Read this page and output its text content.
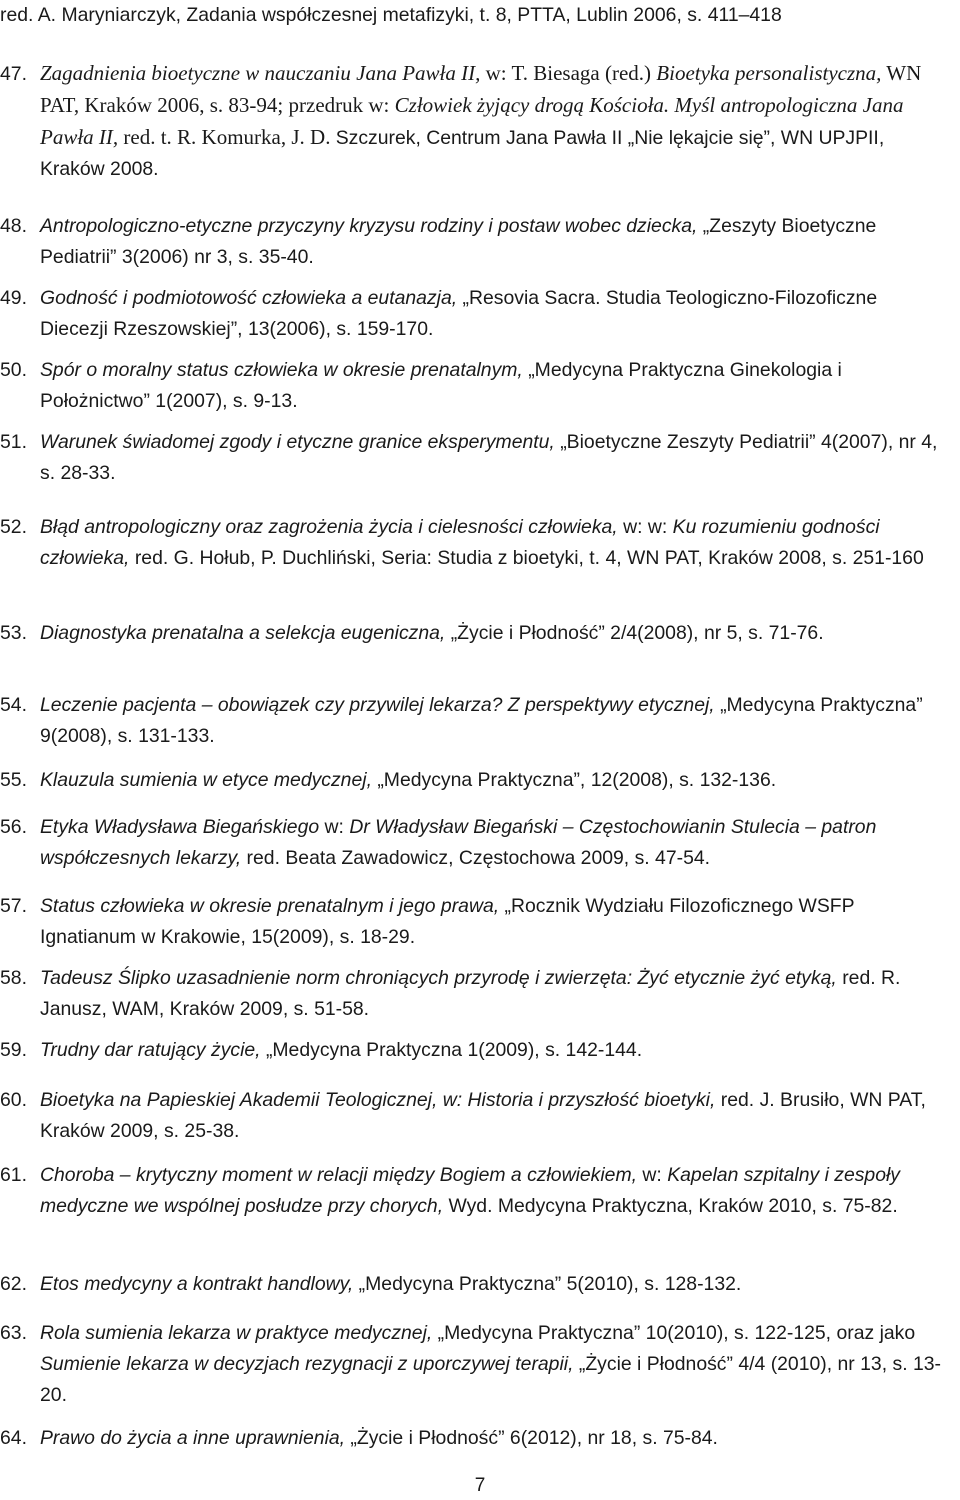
red. A. Maryniarczyk, Zadania współczesnej metafizyki, t. 8, PTTA, Lublin 2006, s. 411–418

47. Zagadnienia bioetyczne w nauczaniu Jana Pawła II, w: T. Biesaga (red.) Bioetyka personalistyczna, WN PAT, Kraków 2006, s. 83-94; przedruk w: Człowiek żyjący drogą Kościoła. Myśl antropologiczna Jana Pawła II, red. t. R. Komurka, J. D. Szczurek, Centrum Jana Pawła II „Nie lękajcie się”, WN UPJPII, Kraków 2008.

48. Antropologiczno-etyczne przyczyny kryzysu rodziny i postaw wobec dziecka, „Zeszyty Bioetyczne Pediatrii” 3(2006) nr 3, s. 35-40.

49. Godność i podmiotowość człowieka a eutanazja, „Resovia Sacra. Studia Teologiczno-Filozoficzne Diecezji Rzeszowskiej”, 13(2006), s. 159-170.

50. Spór o moralny status człowieka w okresie prenatalnym, „Medycyna Praktyczna Ginekologia i Położnictwo” 1(2007), s. 9-13.

51. Warunek świadomej zgody i etyczne granice eksperymentu, „Bioetyczne Zeszyty Pediatrii” 4(2007), nr 4, s. 28-33.

52. Błąd antropologiczny oraz zagrożenia życia i cielesności człowieka, w: w: Ku rozumieniu godności człowieka, red. G. Hołub, P. Duchliński, Seria: Studia z bioetyki, t. 4, WN PAT, Kraków 2008, s. 251-160

53. Diagnostyka prenatalna a selekcja eugeniczna, „Życie i Płodność” 2/4(2008), nr 5, s. 71-76.

54. Leczenie pacjenta – obowiązek czy przywilej lekarza? Z perspektywy etycznej, „Medycyna Praktyczna” 9(2008), s. 131-133.

55. Klauzula sumienia w etyce medycznej, „Medycyna Praktyczna”, 12(2008), s. 132-136.

56. Etyka Władysława Biegańskiego w: Dr Władysław Biegański – Częstochowianin Stulecia – patron współczesnych lekarzy, red. Beata Zawadowicz, Częstochowa 2009, s. 47-54.

57. Status człowieka w okresie prenatalnym i jego prawa, „Rocznik Wydziału Filozoficznego WSFP Ignatianum w Krakowie, 15(2009), s. 18-29.

58. Tadeusz Ślipko uzasadnienie norm chroniących przyrodę i zwierzęta: Żyć etycznie żyć etyką, red. R. Janusz, WAM, Kraków 2009, s. 51-58.

59. Trudny dar ratujący życie, „Medycyna Praktyczna 1(2009), s. 142-144.

60. Bioetyka na Papieskiej Akademii Teologicznej, w: Historia i przyszłość bioetyki, red. J. Brusiło, WN PAT, Kraków 2009, s. 25-38.

61. Choroba – krytyczny moment w relacji między Bogiem a człowiekiem, w: Kapelan szpitalny i zespoły medyczne we wspólnej posłudze przy chorych, Wyd. Medycyna Praktyczna, Kraków 2010, s. 75-82.

62. Etos medycyny a kontrakt handlowy, „Medycyna Praktyczna” 5(2010), s. 128-132.

63. Rola sumienia lekarza w praktyce medycznej, „Medycyna Praktyczna” 10(2010), s. 122-125, oraz jako Sumienie lekarza w decyzjach rezygnacji z uporczywej terapii, „Życie i Płodność” 4/4 (2010), nr 13, s. 13-20.

64. Prawo do życia a inne uprawnienia, „Życie i Płodność” 6(2012), nr 18, s. 75-84.

7
